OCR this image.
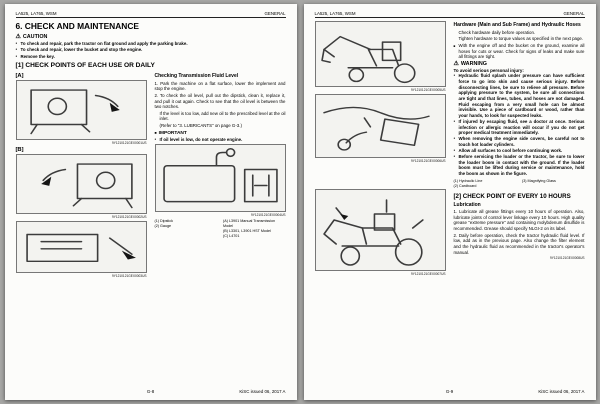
LA525, LA765, WSM	GENERAL
6. CHECK AND MAINTENANCE
⚠ CAUTION
● To check and repair, park the tractor on flat ground and apply the parking brake.
● To check and repair, lower the bucket and stop the engine.
● Remove the key.
[1] CHECK POINTS OF EACH USE OR DAILY
[A]
9Y1210121GEX0001US
[B]
9Y1210121GEX0002US
9Y1210121GEX0003US
Checking Transmission Fluid Level

1. Park the machine on a flat surface, lower the implement and stop the engine.

2. To check the oil level, pull out the dipstick, clean it, replace it, and pull it out again. Check to see that the oil level is between the two notches.

If the level is too low, add new oil to the prescribed level at the oil inlet.

(Refer to "3. LUBRICANTS" on page G-3.)

■ IMPORTANT
● If oil level is low, do not operate engine.
9Y1210121GEX0004US
(1) Dipstick
(2) Gauge
(A) L3901 Manual Transmission Model
(B) L3301, L3901 HST Model
(C) L4701
G-8	KiSC issued 06, 2017 A
LA525, LA765, WSM	GENERAL
9Y1210121GEX0005US
9Y1210121GEX0006US
9Y1210121GEX0007US
Hardware (Main and Sub Frame) and Hydraulic Hoses

Check hardware daily before operation.

Tighten hardware to torque values as specified in the next page.

■ With the engine off and the bucket on the ground, examine all hoses for cuts or wear. Check for signs of leaks and make sure all fittings are tight.
⚠ WARNING
To avoid serious personal injury:
● Hydraulic fluid splash under pressure can have sufficient force to go into skin and cause serious injury. Before disconnecting lines, be sure to relieve all pressure. Before applying pressure to the system, be sure all connections are tight and that lines, tubes, and hoses are not damaged. Fluid escaping from a very small hole can be almost invisible. Use a piece of cardboard or wood, rather than your hands, to look for suspected leaks.
● If injured by escaping fluid, see a doctor at once. Serious infection or allergic reaction will occur if you do not get proper medical treatment immediately.
● When removing the engine side covers, be careful not to touch hot loader cylinders.
● Allow all surfaces to cool before continuing work.
● Before servicing the loader or the tractor, be sure to lower the loader boom in contact with the ground. If the loader boom must be lifted during service or maintenance, hold the boom as shown in the figure.
(1) Hydraulic Line
(2) Cardboard
(3) Magnifying Glass
[2] CHECK POINT OF EVERY 10 HOURS
Lubrication

1. Lubricate all grease fittings every 10 hours of operation. Also, lubricate joints of control lever linkage every 10 hours. High quality grease "extreme pressure" and containing molybdenum disulfide is recommended. Grease should specify NLGI-2 on its label.

2. Daily before operation, check the tractor hydraulic fluid level. If low, add as in the previous page. Also change the filter element and the hydraulic fluid as recommended in the tractor's operator's manual.

9Y1210121GEX0008US
G-9	KiSC issued 06, 2017 A
